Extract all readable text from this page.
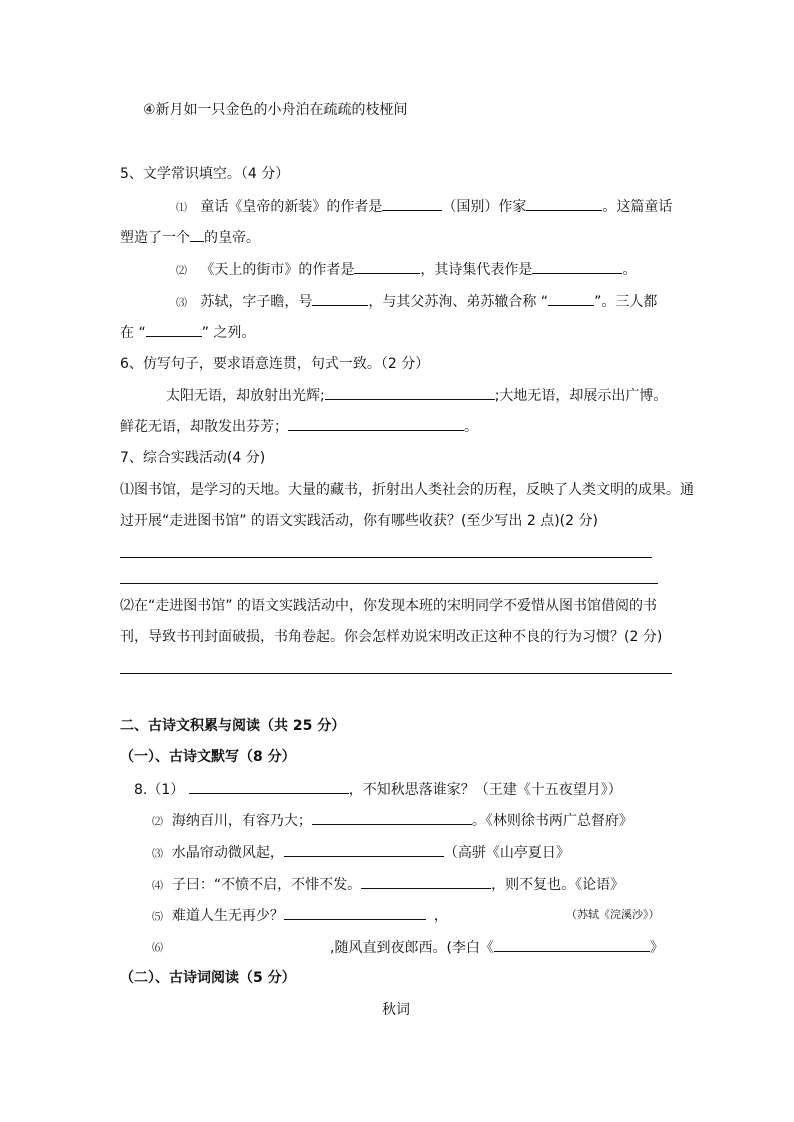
④新月如一只金色的小舟泊在疏疏的枝桠间
5、文学常识填空。（4 分）
⑴ 童话《皇帝的新装》的作者是	（国别）作家	。这篇童话
塑造了一个 的皇帝。
⑵ 《天上的街市》的作者是	，其诗集代表作是	。
⑶ 苏轼，字子瞻，号	，与其父苏洵、弟苏辙合称 “	”。三人都
在 “	” 之列。
6、仿写句子，要求语意连贯，句式一致。（2 分）
太阳无语，却放射出光辉;	;大地无语，却展示出广博。
鲜花无语，却散发出芬芳；	。
7、综合实践活动(4 分)
⑴图书馆，是学习的天地。大量的藏书，折射出人类社会的历程，反映了人类文明的成果。通
过开展“走进图书馆” 的语文实践活动，你有哪些收获？(至少写出 2 点)(2 分)
⑵在“走进图书馆” 的语文实践活动中，你发现本班的宋明同学不爱惜从图书馆借阅的书
刊，导致书刊封面破损，书角卷起。你会怎样劝说宋明改正这种不良的行为习惯？(2 分)
二、古诗文积累与阅读（共 25 分）
（一）、古诗文默写（8 分）
8.（1）	，不知秋思落谁家？（王建《十五夜望月》）
⑵ 海纳百川，有容乃大；	。《林则徐书两广总督府》
⑶ 水晶帘动微风起，	（高骈《山亭夏日》
⑷ 子曰：“不愤不启，不悱不发。	，则不复也。《论语》
⑸ 难道人生无再少？	，	（苏轼《浣溪沙》）
⑹	,随风直到夜郎西。(李白《	》
（二）、古诗词阅读（5 分）
秋词
